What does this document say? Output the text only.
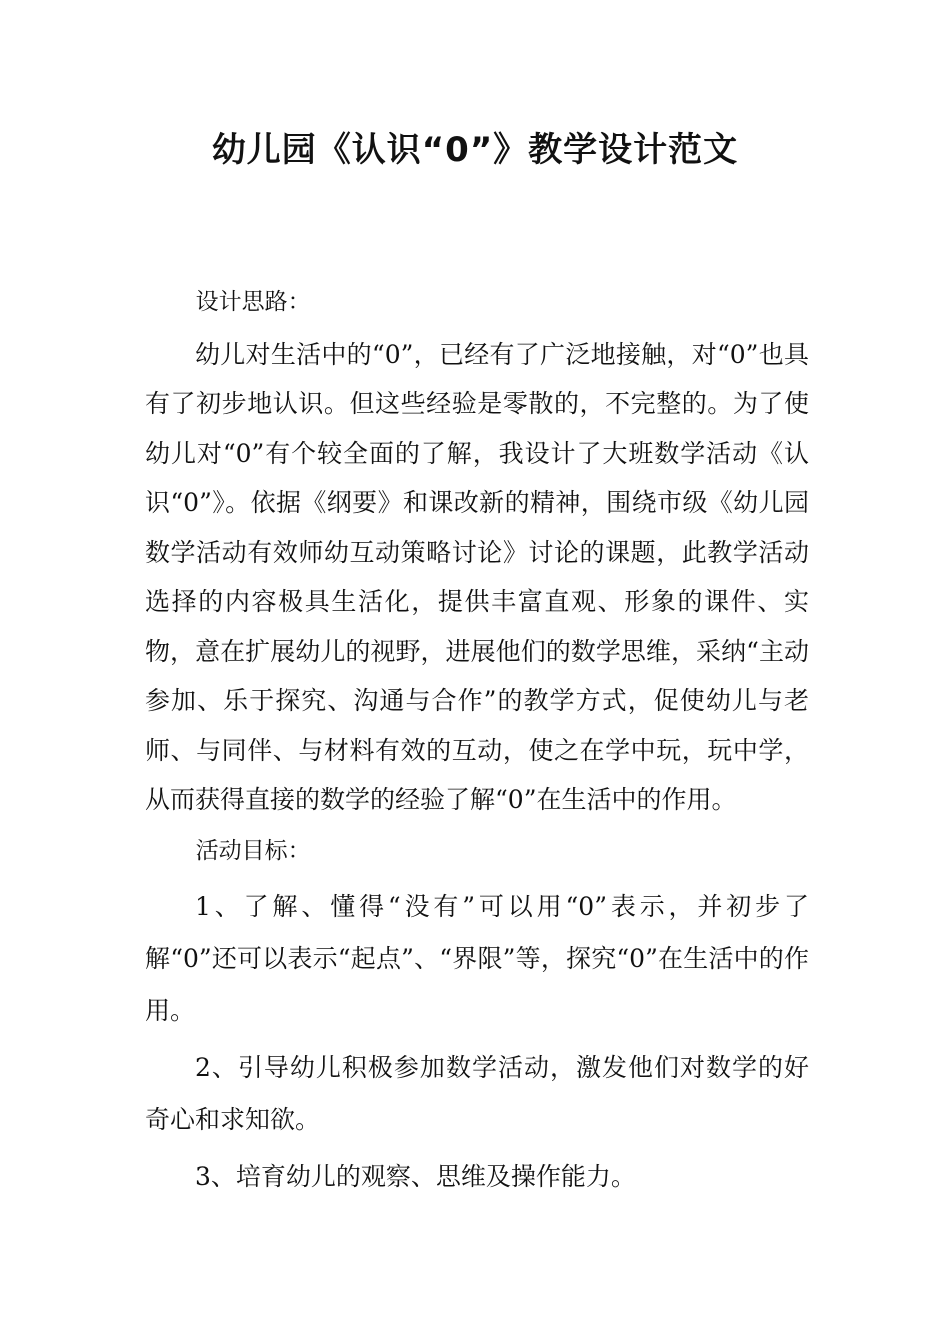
幼儿园《认识“0”》教学设计范文

设计思路：

幼儿对生活中的“0”，已经有了广泛地接触，对“0”也具有了初步地认识。但这些经验是零散的，不完整的。为了使幼儿对“0”有个较全面的了解，我设计了大班数学活动《认识“0”》。依据《纲要》和课改新的精神，围绕市级《幼儿园数学活动有效师幼互动策略讨论》讨论的课题，此教学活动选择的内容极具生活化，提供丰富直观、形象的课件、实物，意在扩展幼儿的视野，进展他们的数学思维，采纳“主动参加、乐于探究、沟通与合作”的教学方式，促使幼儿与老师、与同伴、与材料有效的互动，使之在学中玩，玩中学，从而获得直接的数学的经验了解“0”在生活中的作用。

活动目标：

1、了解、懂得“没有”可以用“0”表示，并初步了解“0”还可以表示“起点”、“界限”等，探究“0”在生活中的作用。

2、引导幼儿积极参加数学活动，激发他们对数学的好奇心和求知欲。

3、培育幼儿的观察、思维及操作能力。
